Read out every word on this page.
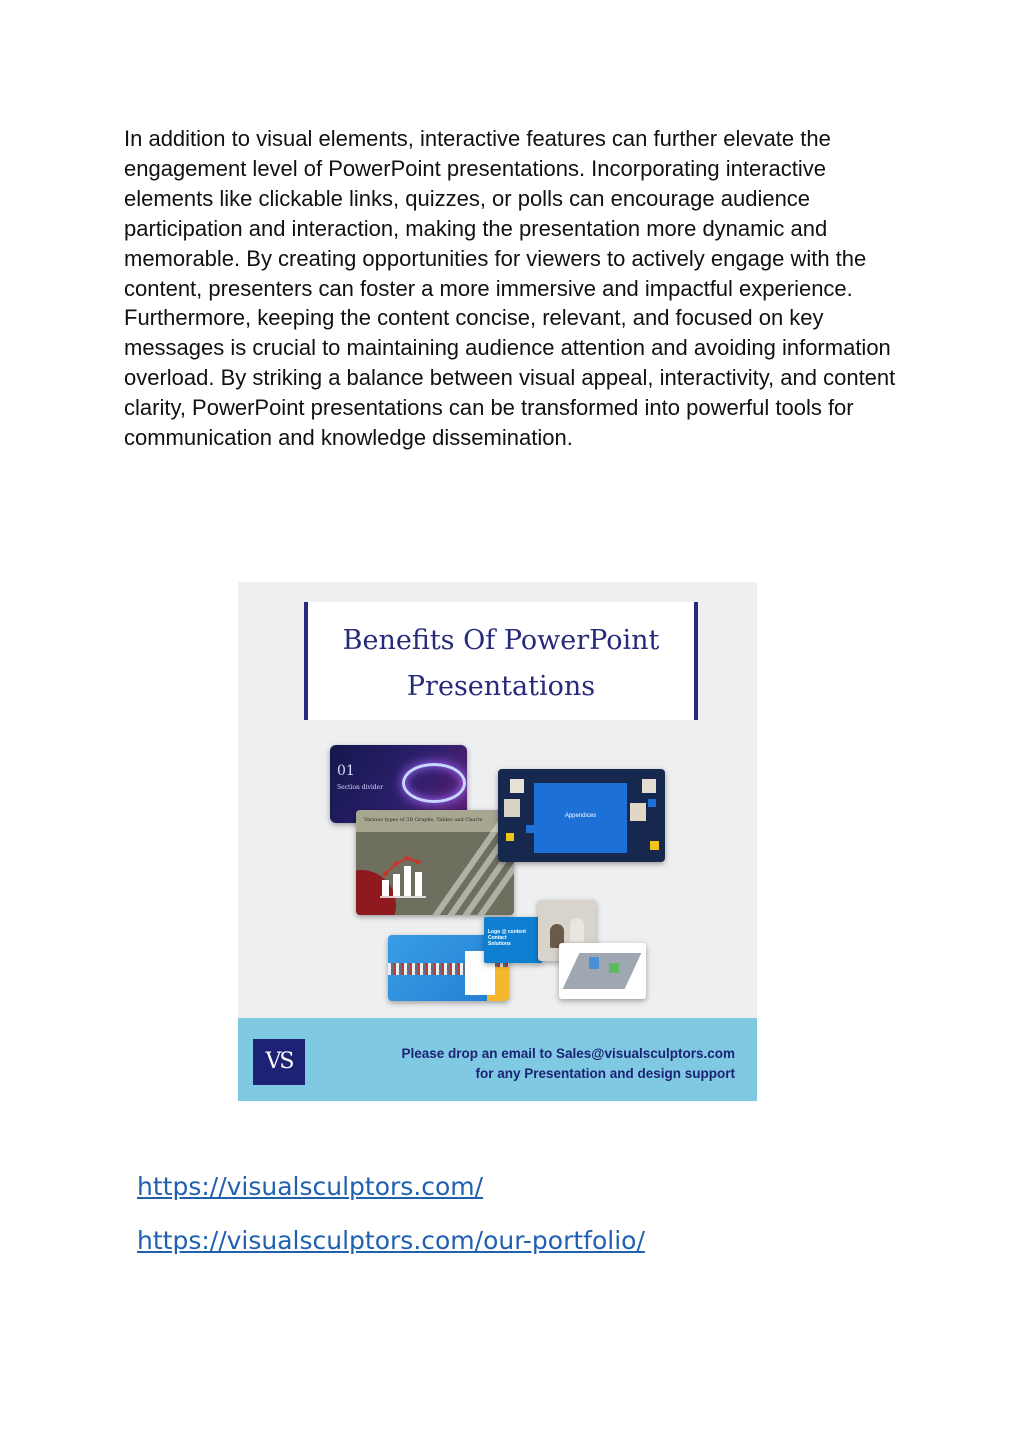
In addition to visual elements, interactive features can further elevate the engagement level of PowerPoint presentations. Incorporating interactive elements like clickable links, quizzes, or polls can encourage audience participation and interaction, making the presentation more dynamic and memorable. By creating opportunities for viewers to actively engage with the content, presenters can foster a more immersive and impactful experience. Furthermore, keeping the content concise, relevant, and focused on key messages is crucial to maintaining audience attention and avoiding information overload. By striking a balance between visual appeal, interactivity, and content clarity, PowerPoint presentations can be transformed into powerful tools for communication and knowledge dissemination.

Benefits Of PowerPoint
Presentations
01
Section divider
Various types of 3D Graphs, Tables and Charts
Appendices
Logo @ content
Contact
Solutions
VS	Please drop an email to Sales@visualsculptors.com
for any Presentation and design support
https://visualsculptors.com/
https://visualsculptors.com/our-portfolio/
